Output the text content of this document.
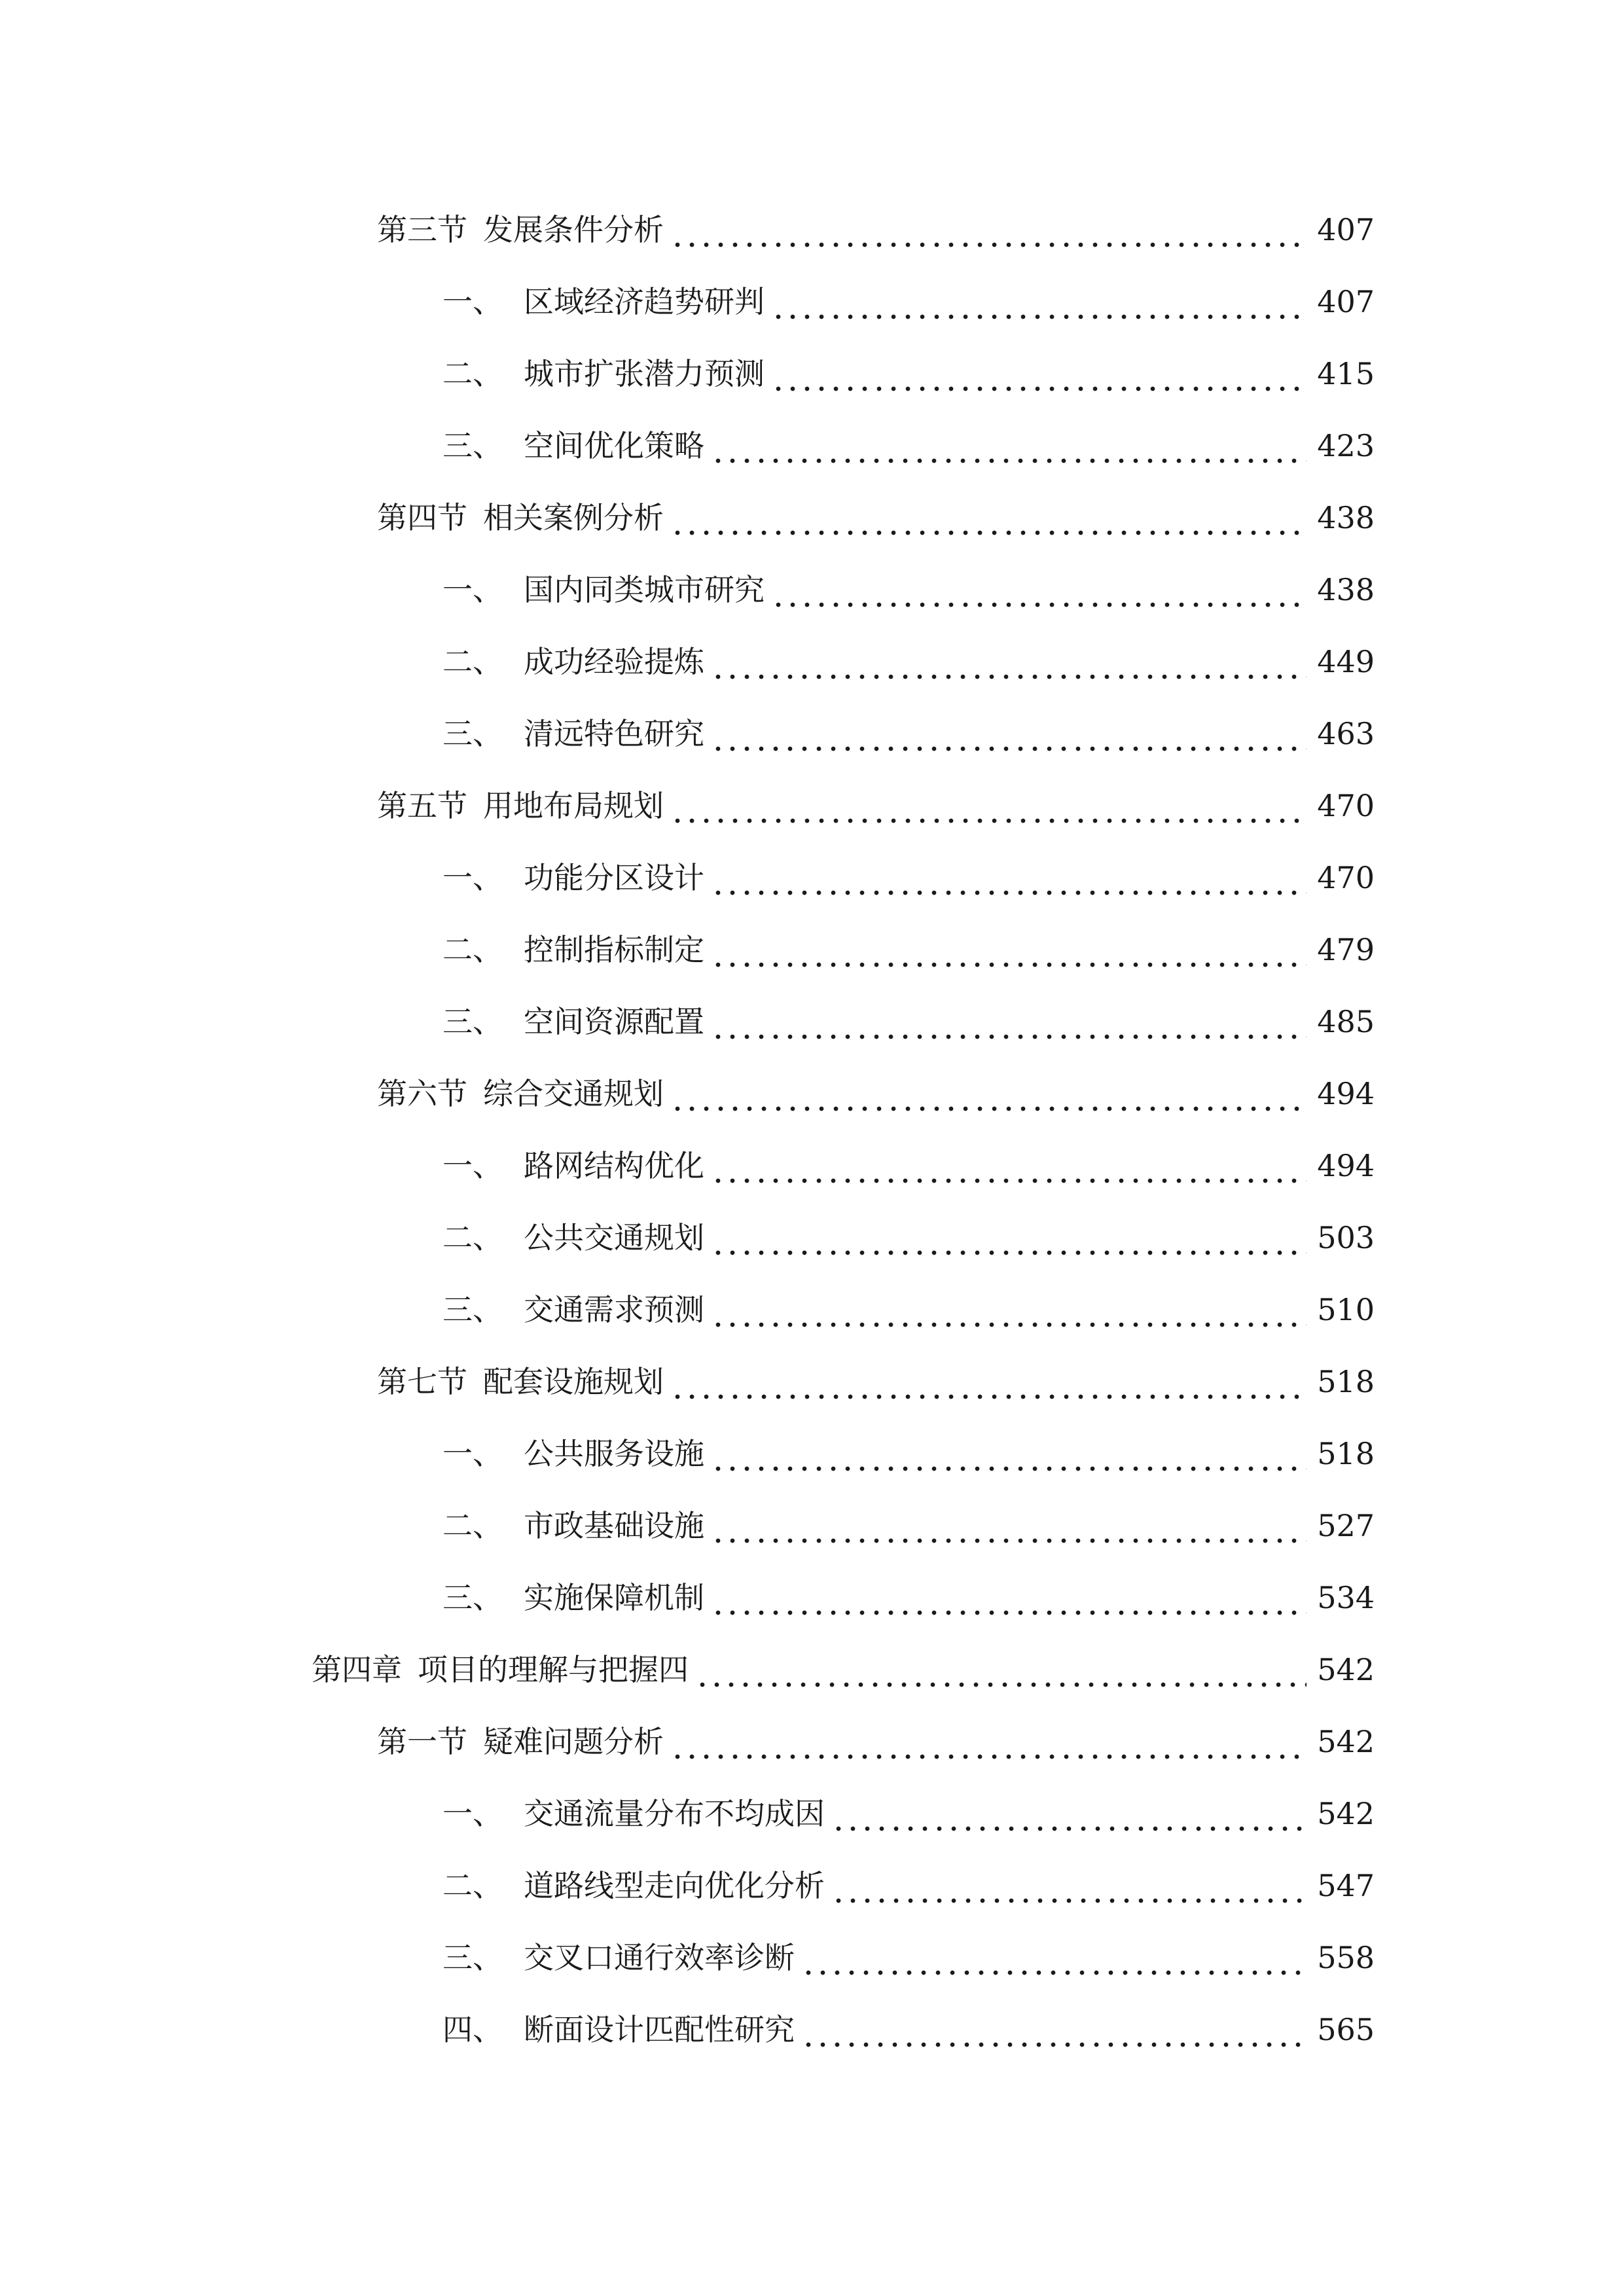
第三节 发展条件分析	407
一、 区域经济趋势研判	407
二、 城市扩张潜力预测	415
三、 空间优化策略	423
第四节 相关案例分析	438
一、 国内同类城市研究	438
二、 成功经验提炼	449
三、 清远特色研究	463
第五节 用地布局规划	470
一、 功能分区设计	470
二、 控制指标制定	479
三、 空间资源配置	485
第六节 综合交通规划	494
一、 路网结构优化	494
二、 公共交通规划	503
三、 交通需求预测	510
第七节 配套设施规划	518
一、 公共服务设施	518
二、 市政基础设施	527
三、 实施保障机制	534
第四章 项目的理解与把握四	542
第一节 疑难问题分析	542
一、 交通流量分布不均成因	542
二、 道路线型走向优化分析	547
三、 交叉口通行效率诊断	558
四、 断面设计匹配性研究	565
